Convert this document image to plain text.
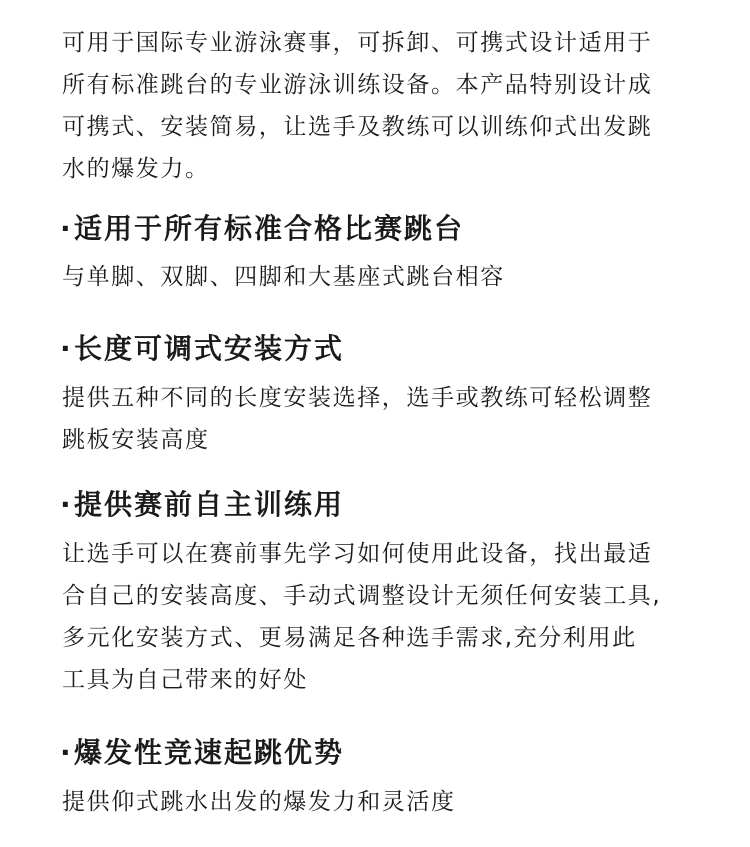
可用于国际专业游泳赛事，可拆卸、可携式设计适用于
所有标准跳台的专业游泳训练设备。本产品特别设计成
可携式、安装简易，让选手及教练可以训练仰式出发跳
水的爆发力。
·适用于所有标准合格比赛跳台
与单脚、双脚、四脚和大基座式跳台相容
·长度可调式安装方式
提供五种不同的长度安装选择，选手或教练可轻松调整
跳板安装高度
·提供赛前自主训练用
让选手可以在赛前事先学习如何使用此设备，找出最适
合自己的安装高度、手动式调整设计无须任何安装工具,
多元化安装方式、更易满足各种选手需求,充分利用此
工具为自己带来的好处
·爆发性竞速起跳优势
提供仰式跳水出发的爆发力和灵活度
